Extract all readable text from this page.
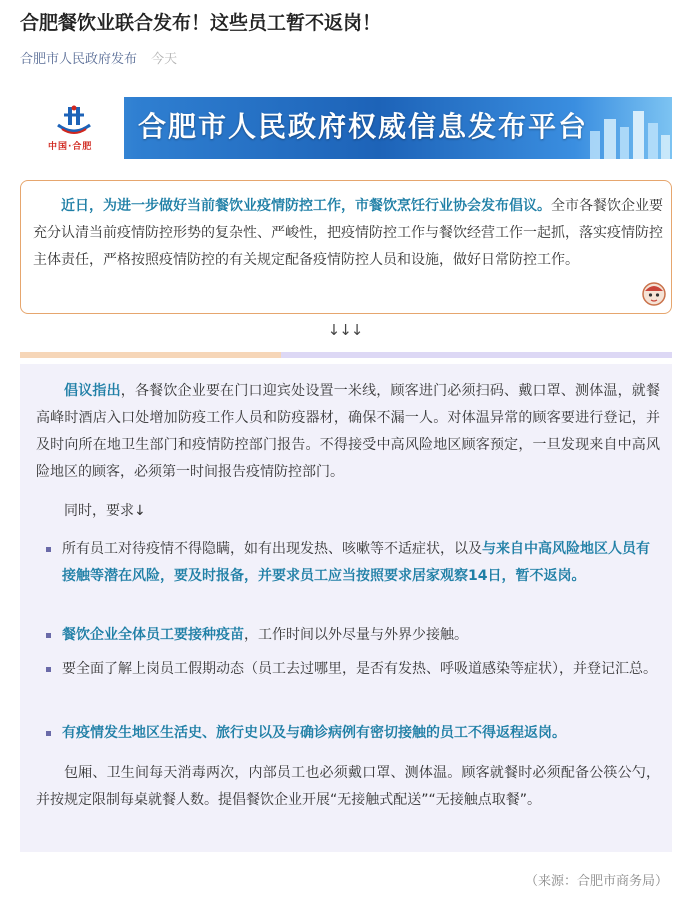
合肥餐饮业联合发布！这些员工暂不返岗！
合肥市人民政府发布 今天
中国·合肥
合肥市人民政府权威信息发布平台

近日，为进一步做好当前餐饮业疫情防控工作，市餐饮烹饪行业协会发布倡议。全市各餐饮企业要充分认清当前疫情防控形势的复杂性、严峻性，把疫情防控工作与餐饮经营工作一起抓，落实疫情防控主体责任，严格按照疫情防控的有关规定配备疫情防控人员和设施，做好日常防控工作。

↓↓↓
倡议指出，各餐饮企业要在门口迎宾处设置一米线，顾客进门必须扫码、戴口罩、测体温，就餐高峰时酒店入口处增加防疫工作人员和防疫器材，确保不漏一人。对体温异常的顾客要进行登记，并及时向所在地卫生部门和疫情防控部门报告。不得接受中高风险地区顾客预定，一旦发现来自中高风险地区的顾客，必须第一时间报告疫情防控部门。
同时，要求↓
所有员工对待疫情不得隐瞒，如有出现发热、咳嗽等不适症状，以及与来自中高风险地区人员有接触等潜在风险，要及时报备，并要求员工应当按照要求居家观察14日，暂不返岗。
餐饮企业全体员工要接种疫苗，工作时间以外尽量与外界少接触。
要全面了解上岗员工假期动态（员工去过哪里，是否有发热、呼吸道感染等症状），并登记汇总。
有疫情发生地区生活史、旅行史以及与确诊病例有密切接触的员工不得返程返岗。
包厢、卫生间每天消毒两次，内部员工也必须戴口罩、测体温。顾客就餐时必须配备公筷公勺，并按规定限制每桌就餐人数。提倡餐饮企业开展“无接触式配送”“无接触点取餐”。
（来源：合肥市商务局）
